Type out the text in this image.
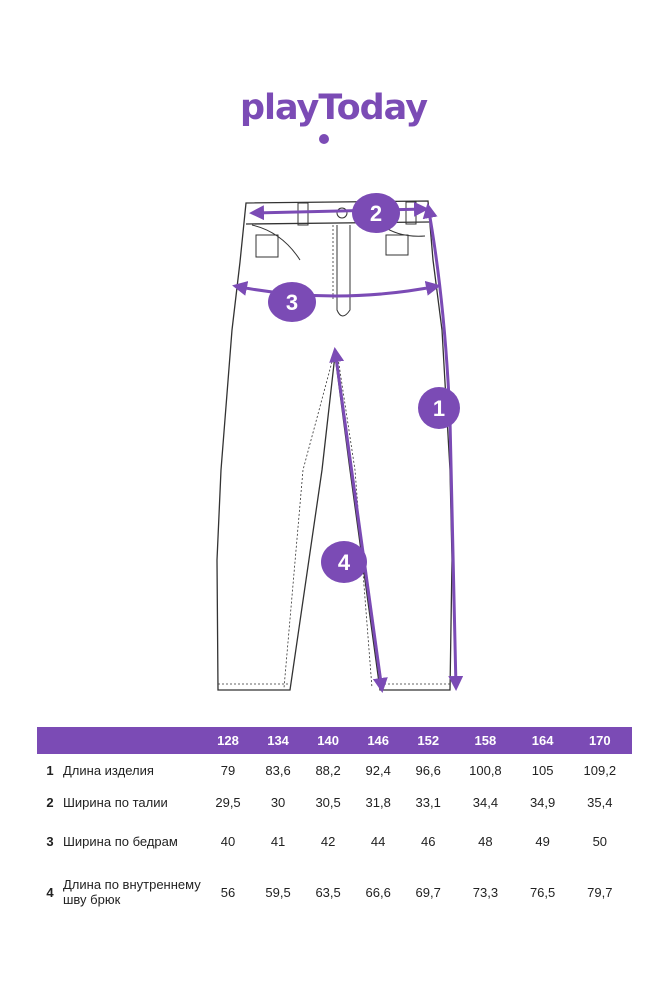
playToday
1
2
3
4
		128	134	140	146	152	158	164	170
1	Длина изделия	79	83,6	88,2	92,4	96,6	100,8	105	109,2
2	Ширина по талии	29,5	30	30,5	31,8	33,1	34,4	34,9	35,4
3	Ширина по бедрам	40	41	42	44	46	48	49	50
4	Длина по внутреннему шву брюк	56	59,5	63,5	66,6	69,7	73,3	76,5	79,7
